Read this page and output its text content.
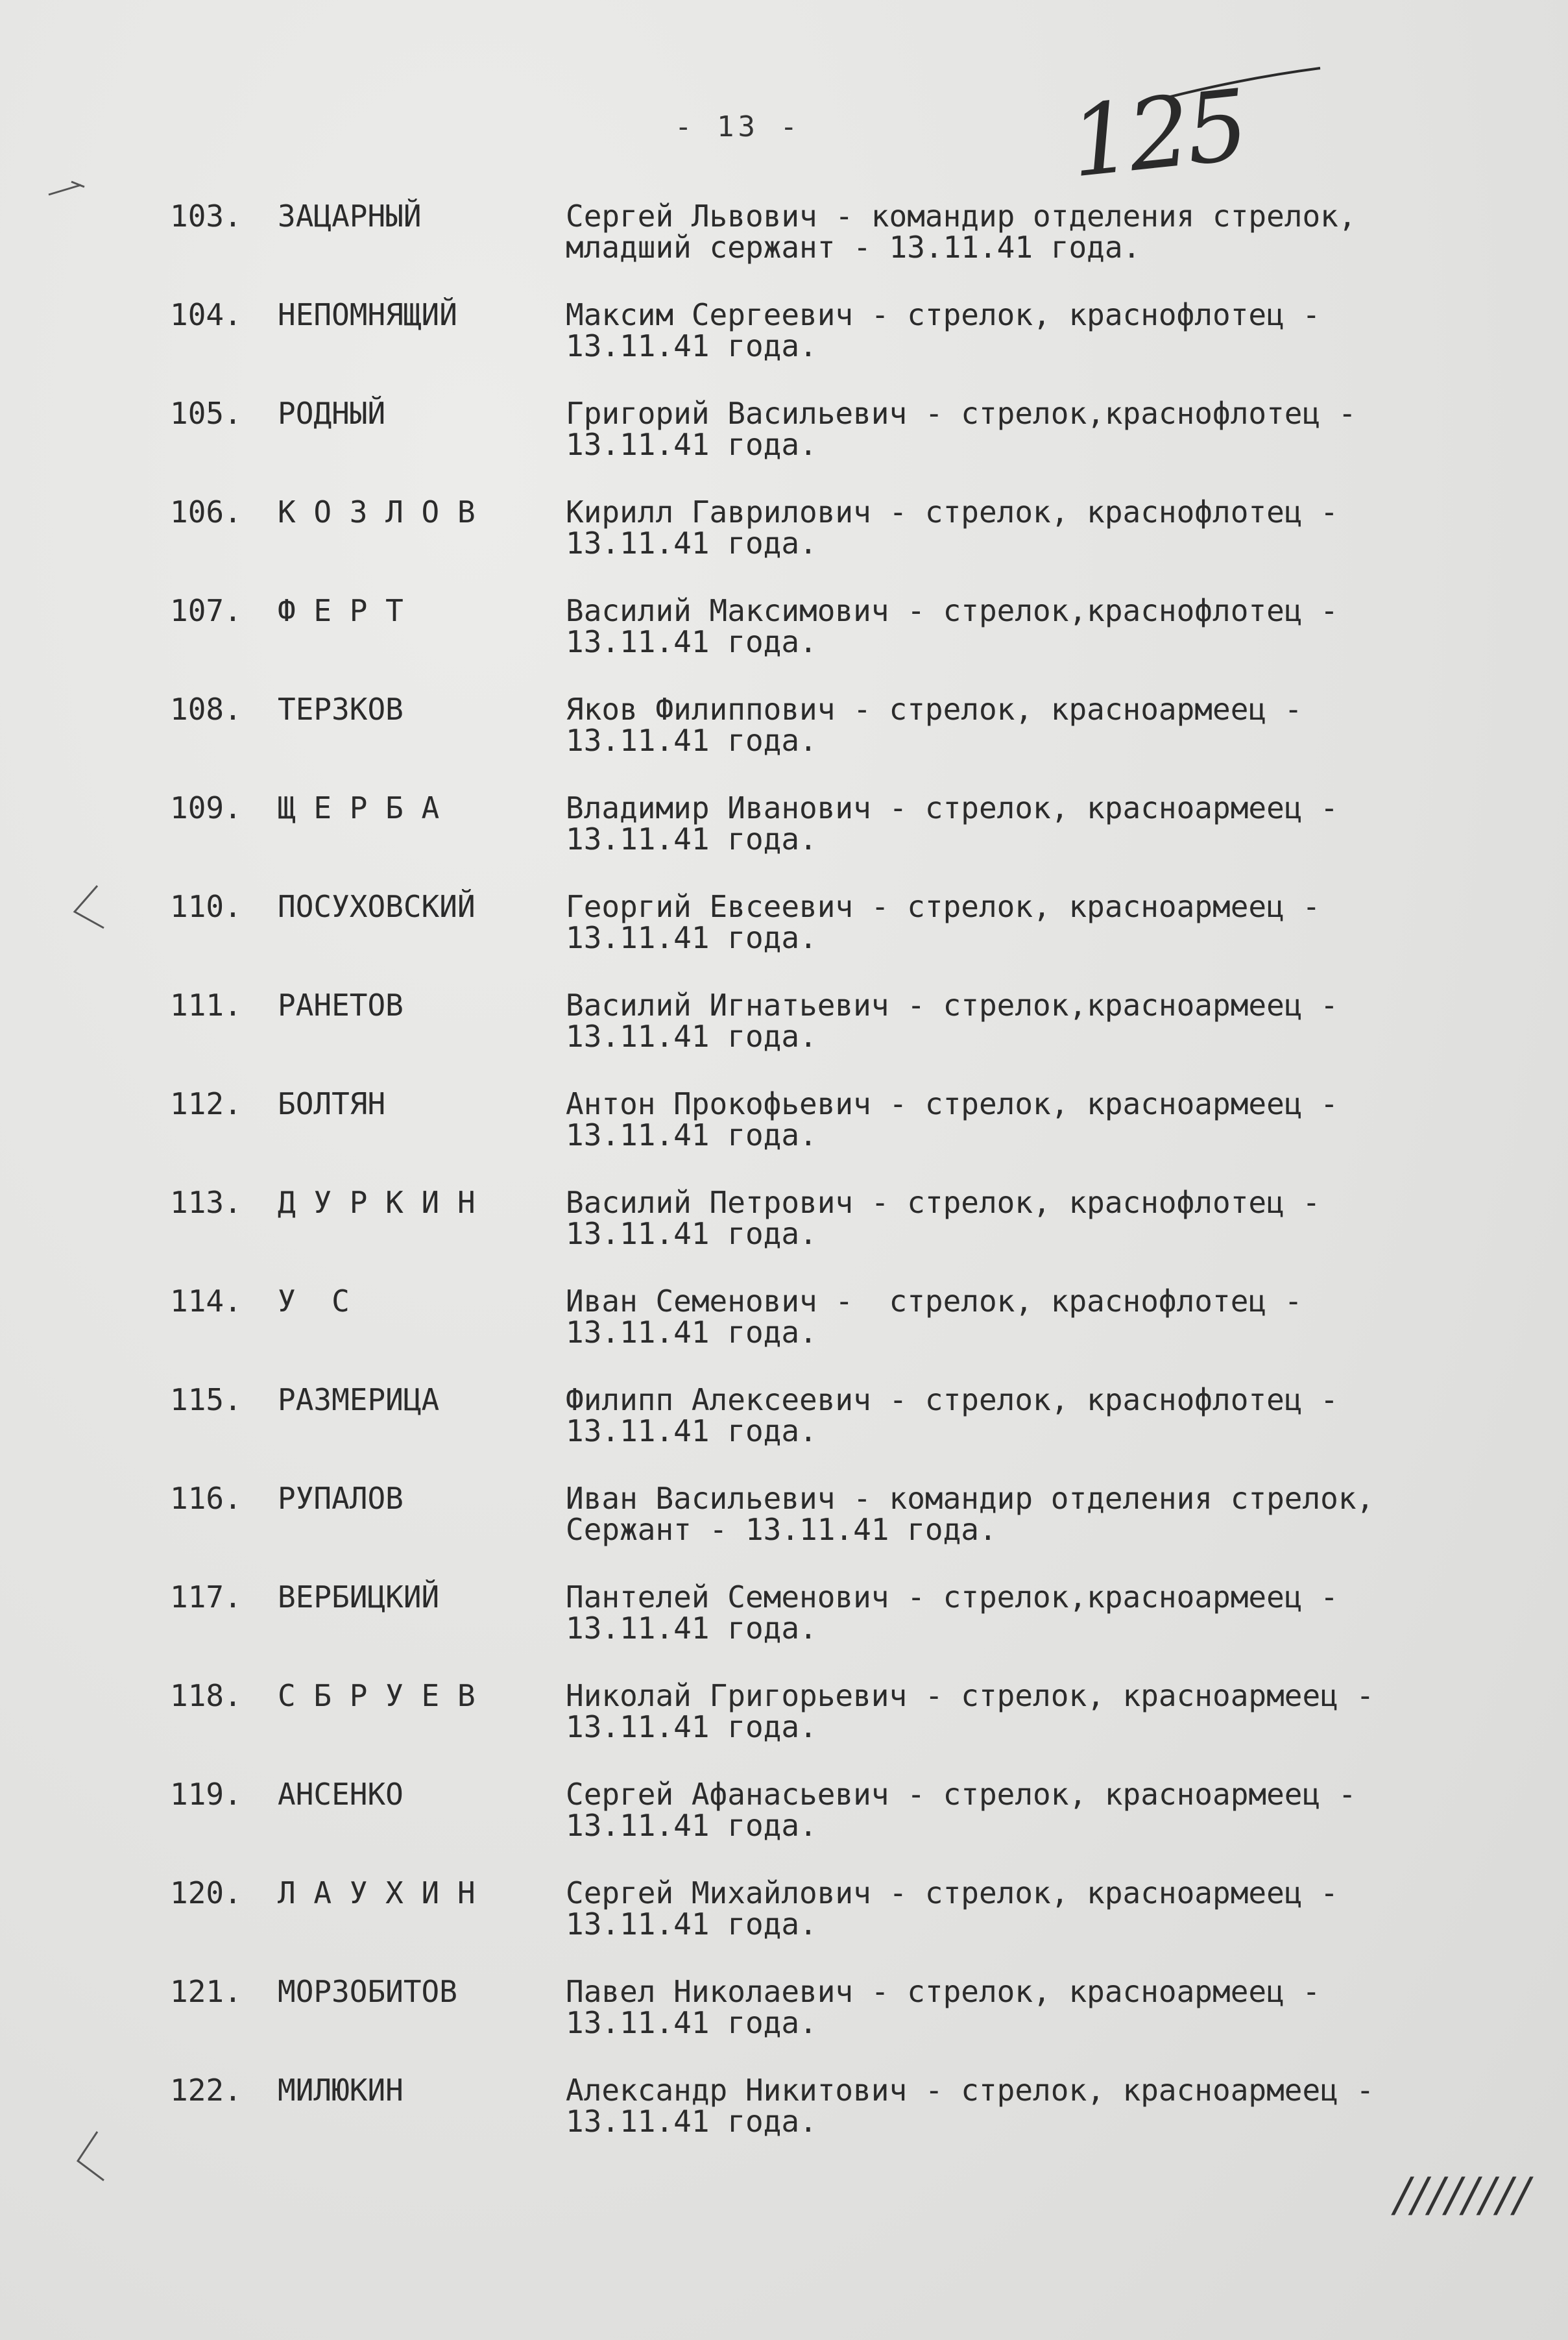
- 13 -	125
103. ЗАЦАРНЫЙ	Сергей Львович - командир отделения стрелок,
младший сержант - 13.11.41 года.
104. НЕПОМНЯЩИЙ	Максим Сергеевич - стрелок, краснофлотец -
13.11.41 года.
105. РОДНЫЙ	Григорий Васильевич - стрелок,краснофлотец -
13.11.41 года.
106. К О З Л О В	Кирилл Гаврилович - стрелок, краснофлотец -
13.11.41 года.
107. Ф Е Р Т	Василий Максимович - стрелок,краснофлотец -
13.11.41 года.
108. ТЕРЗКОВ	Яков Филиппович - стрелок, красноармеец -
13.11.41 года.
109. Щ Е Р Б А	Владимир Иванович - стрелок, красноармеец -
13.11.41 года.
110. ПОСУХОВСКИЙ	Георгий Евсеевич - стрелок, красноармеец -
13.11.41 года.
111. РАНЕТОВ	Василий Игнатьевич - стрелок,красноармеец -
13.11.41 года.
112. БОЛТЯН	Антон Прокофьевич - стрелок, красноармеец -
13.11.41 года.
113. Д У Р К И Н	Василий Петрович - стрелок, краснофлотец -
13.11.41 года.
114. У  С	Иван Семенович -  стрелок, краснофлотец -
13.11.41 года.
115. РАЗМЕРИЦА	Филипп Алексеевич - стрелок, краснофлотец -
13.11.41 года.
116. РУПАЛОВ	Иван Васильевич - командир отделения стрелок,
Сержант - 13.11.41 года.
117. ВЕРБИЦКИЙ	Пантелей Семенович - стрелок,красноармеец -
13.11.41 года.
118. С Б Р У Е В	Николай Григорьевич - стрелок, красноармеец -
13.11.41 года.
119. АНСЕНКО	Сергей Афанасьевич - стрелок, красноармеец -
13.11.41 года.
120. Л А У Х И Н	Сергей Михайлович - стрелок, красноармеец -
13.11.41 года.
121. МОРЗОБИТОВ	Павел Николаевич - стрелок, красноармеец -
13.11.41 года.
122. МИЛЮКИН	Александр Никитович - стрелок, красноармеец -
13.11.41 года.
////////
